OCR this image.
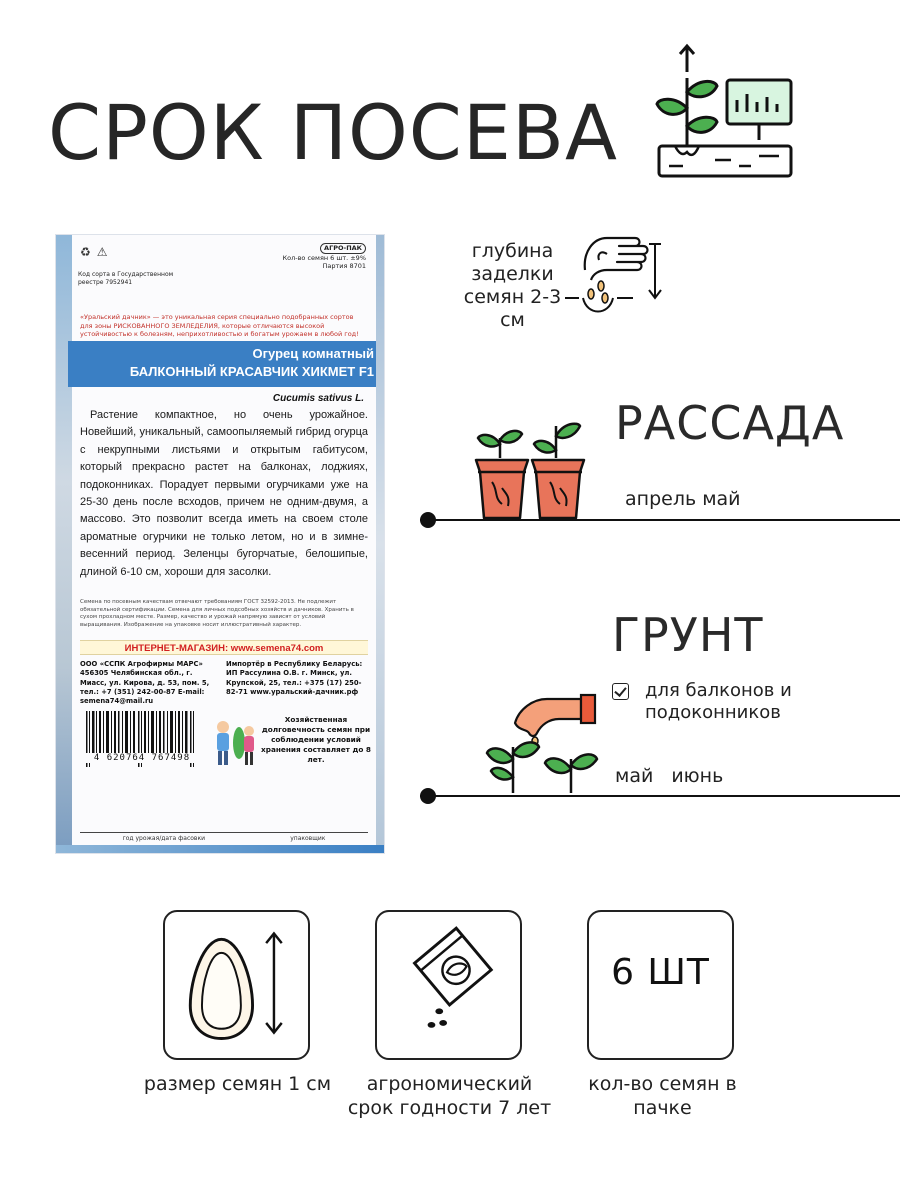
СРОК ПОСЕВА
♻ ⚠
Код сорта в Государственном реестре 7952941
АГРО-ПАК
Кол-во семян 6 шт. ±9%
Партия 8701
«Уральский дачник» — это уникальная серия специально подобранных сортов для зоны РИСКОВАННОГО ЗЕМЛЕДЕЛИЯ, которые отличаются высокой устойчивостью к болезням, неприхотливостью и богатым урожаем в любой год!
Огурец комнатный
БАЛКОННЫЙ КРАСАВЧИК ХИКМЕТ F1
Cucumis sativus L.
Растение компактное, но очень урожайное. Новейший, уникальный, самоопыляемый гибрид огурца с некрупными листьями и открытым габитусом, который прекрасно растет на балконах, лоджиях, подоконниках. Порадует первыми огурчиками уже на 25-30 день после всходов, причем не одним-двумя, а массово. Это позволит всегда иметь на своем столе ароматные огурчики не только летом, но и в зимне-весенний период. Зеленцы бугорчатые, белошипые, длиной 6-10 см, хороши для засолки.
Семена по посевным качествам отвечают требованиям ГОСТ 32592-2013. Не подлежит обязательной сертификации. Семена для личных подсобных хозяйств и дачников. Хранить в сухом прохладном месте. Размер, качество и урожай напрямую зависят от условий выращивания. Изображение на упаковке носит иллюстративный характер.
ИНТЕРНЕТ-МАГАЗИН: www.semena74.com
ООО «ССПК Агрофирмы МАРС» 456305 Челябинская обл., г. Миасс, ул. Кирова, д. 53, пом. 5, тел.: +7 (351) 242-00-87 E-mail: semena74@mail.ru
Импортёр в Республику Беларусь: ИП Рассулина О.В. г. Минск, ул. Крупской, 25, тел.: +375 (17) 250-82-71 www.уральский-дачник.рф
4 620764 767498
Хозяйственная долговечность семян при соблюдении условий хранения составляет до 8 лет.
год урожая/дата фасовки	упаковщик
глубина заделки семян 2-3 см
РАССАДА
апрель май
ГРУНТ
для балконов и подоконников
май июнь
6 ШТ
размер семян 1 см	агрономический срок годности 7 лет
кол-во семян в пачке
